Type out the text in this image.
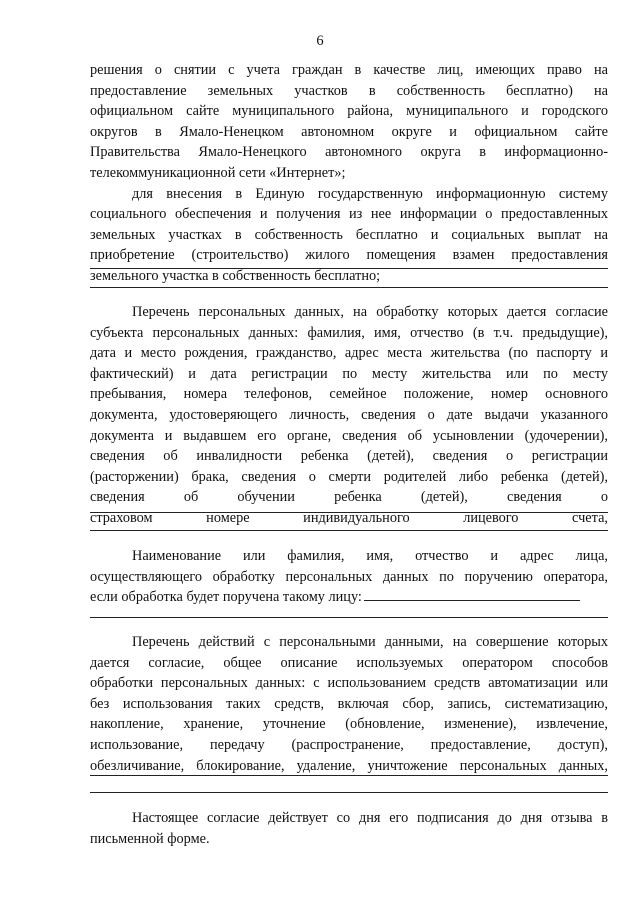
6
решения о снятии с учета граждан в качестве лиц, имеющих право на
предоставление земельных участков в собственность бесплатно) на
официальном сайте муниципального района, муниципального и городского
округов в Ямало-Ненецком автономном округе и официальном сайте
Правительства Ямало-Ненецкого автономного округа в информационно-
телекоммуникационной сети «Интернет»;
для внесения в Единую государственную информационную систему
социального обеспечения и получения из нее информации о предоставленных
земельных участках в собственность бесплатно и социальных выплат на
приобретение (строительство) жилого помещения взамен предоставления
земельного участка в собственность бесплатно;
Перечень персональных данных, на обработку которых дается согласие
субъекта персональных данных: фамилия, имя, отчество (в т.ч. предыдущие),
дата и место рождения, гражданство, адрес места жительства (по паспорту и
фактический) и дата регистрации по месту жительства или по месту
пребывания, номера телефонов, семейное положение, номер основного
документа, удостоверяющего личность, сведения о дате выдачи указанного
документа и выдавшем его органе, сведения об усыновлении (удочерении),
сведения об инвалидности ребенка (детей), сведения о регистрации
(расторжении) брака, сведения о смерти родителей либо ребенка (детей),
сведения об обучении ребенка (детей), сведения о
страховом номере индивидуального лицевого счета,
Наименование или фамилия, имя, отчество и адрес лица,
осуществляющего обработку персональных данных по поручению оператора,
если обработка будет поручена такому лицу:
Перечень действий с персональными данными, на совершение которых
дается согласие, общее описание используемых оператором способов
обработки персональных данных: с использованием средств автоматизации или
без использования таких средств, включая сбор, запись, систематизацию,
накопление, хранение, уточнение (обновление, изменение), извлечение,
использование, передачу (распространение, предоставление, доступ),
обезличивание, блокирование, удаление, уничтожение персональных данных,
Настоящее согласие действует со дня его подписания до дня отзыва в
письменной форме.
